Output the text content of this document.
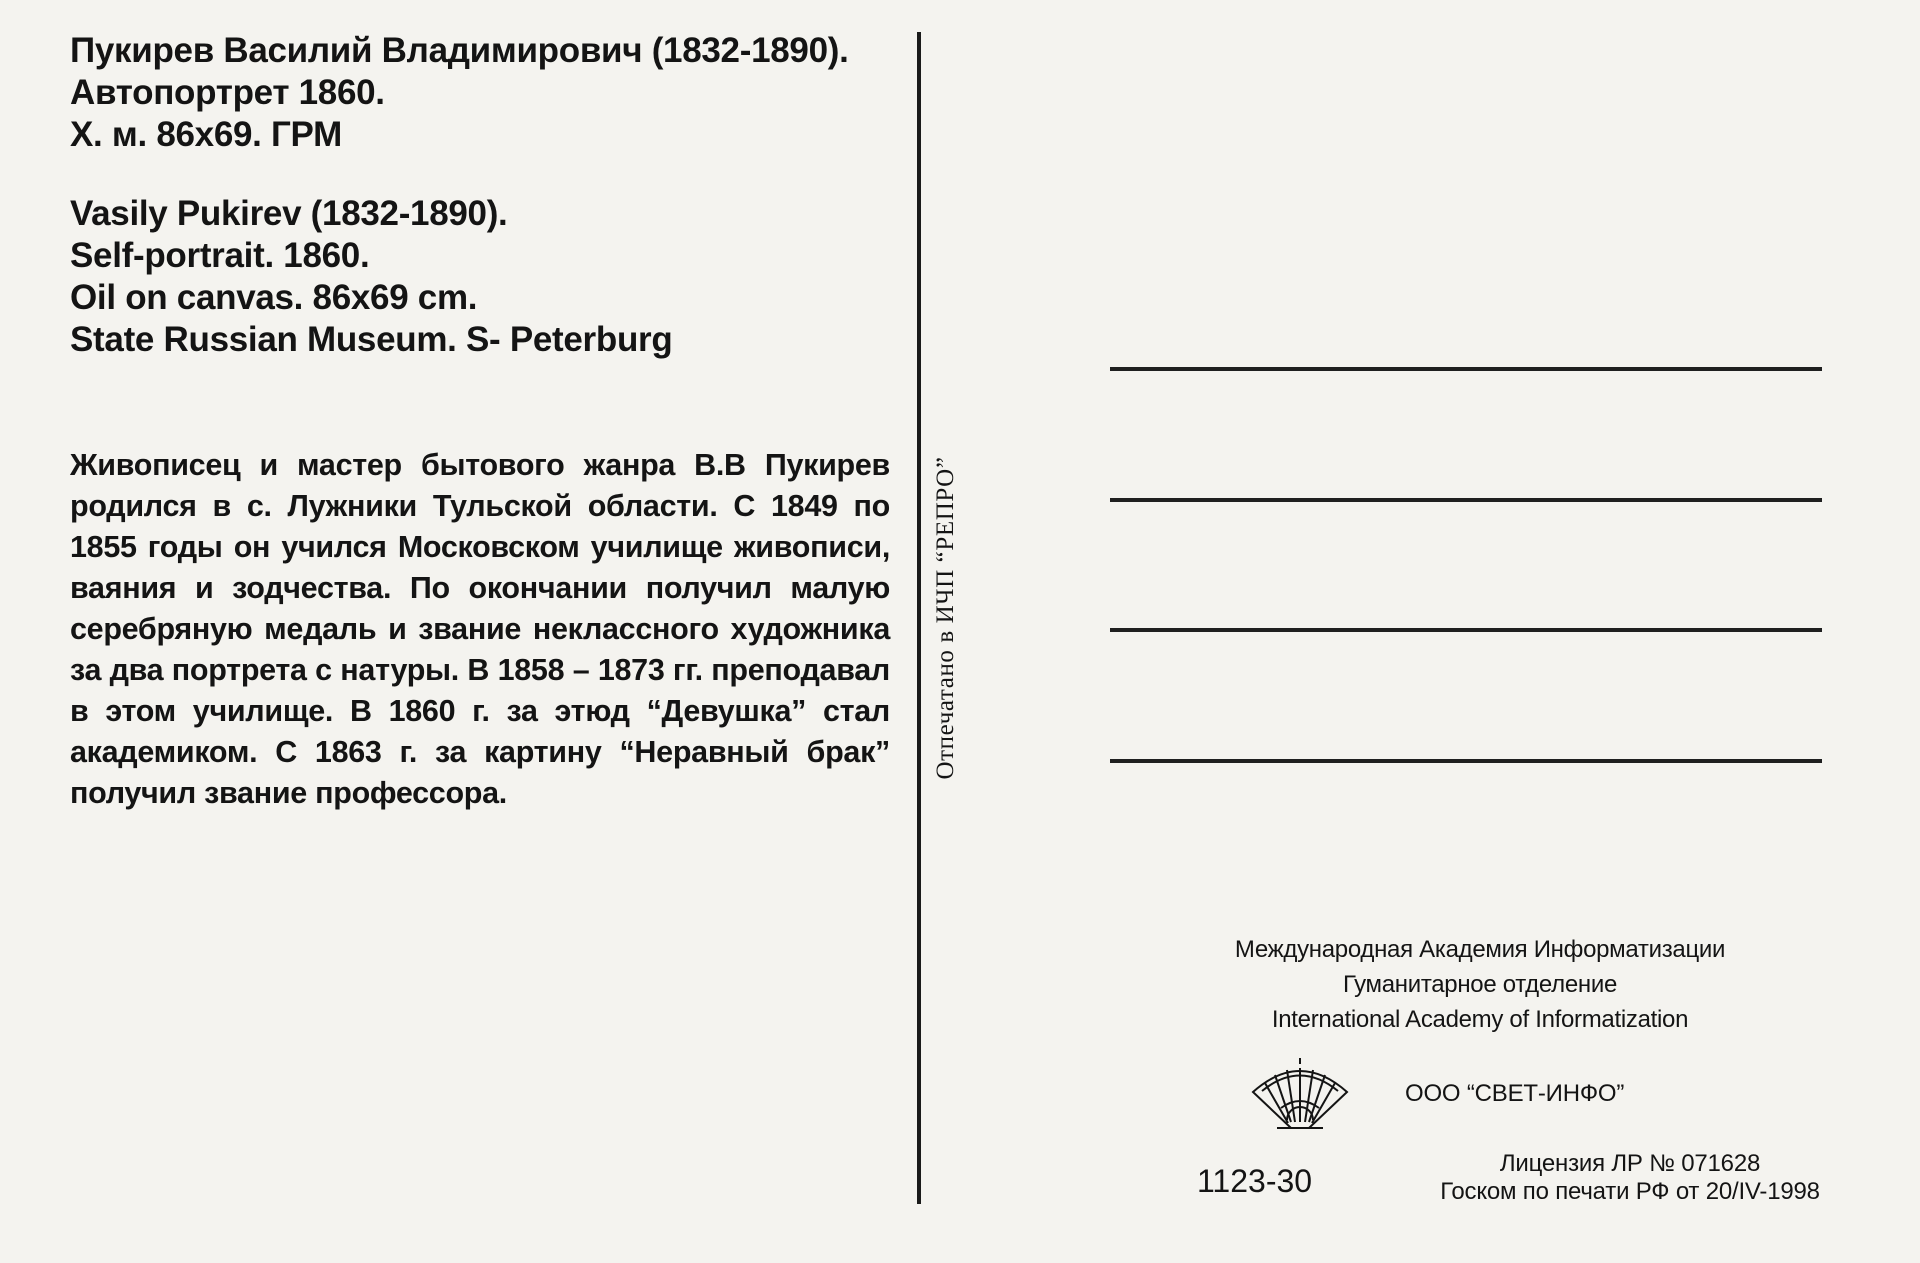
Пукирев Василий Владимирович (1832-1890).
Автопортрет 1860.
Х. м. 86х69. ГРМ
Vasily Pukirev (1832-1890).
Self-portrait. 1860.
Oil on canvas. 86x69 cm.
State Russian Museum. S- Peterburg
Живописец и мастер бытового жанра В.В Пукирев родился в с. Лужники Тульской области. С 1849 по 1855 годы он учился Московском училище живописи, ваяния и зодчества. По окончании получил малую серебряную медаль и звание неклассного художника за два портрета с натуры. В 1858 – 1873 гг. преподавал в этом училище. В 1860 г. за этюд “Девушка” стал академиком. С 1863 г. за картину “Неравный брак” получил звание профессора.
Отпечатано в ИЧП “РЕПРО”
Международная Академия Информатизации
Гуманитарное отделение
International Academy of Informatization
ООО “СВЕТ-ИНФО”
1123-30	Лицензия ЛР № 071628
Госком по печати РФ от 20/IV-1998
